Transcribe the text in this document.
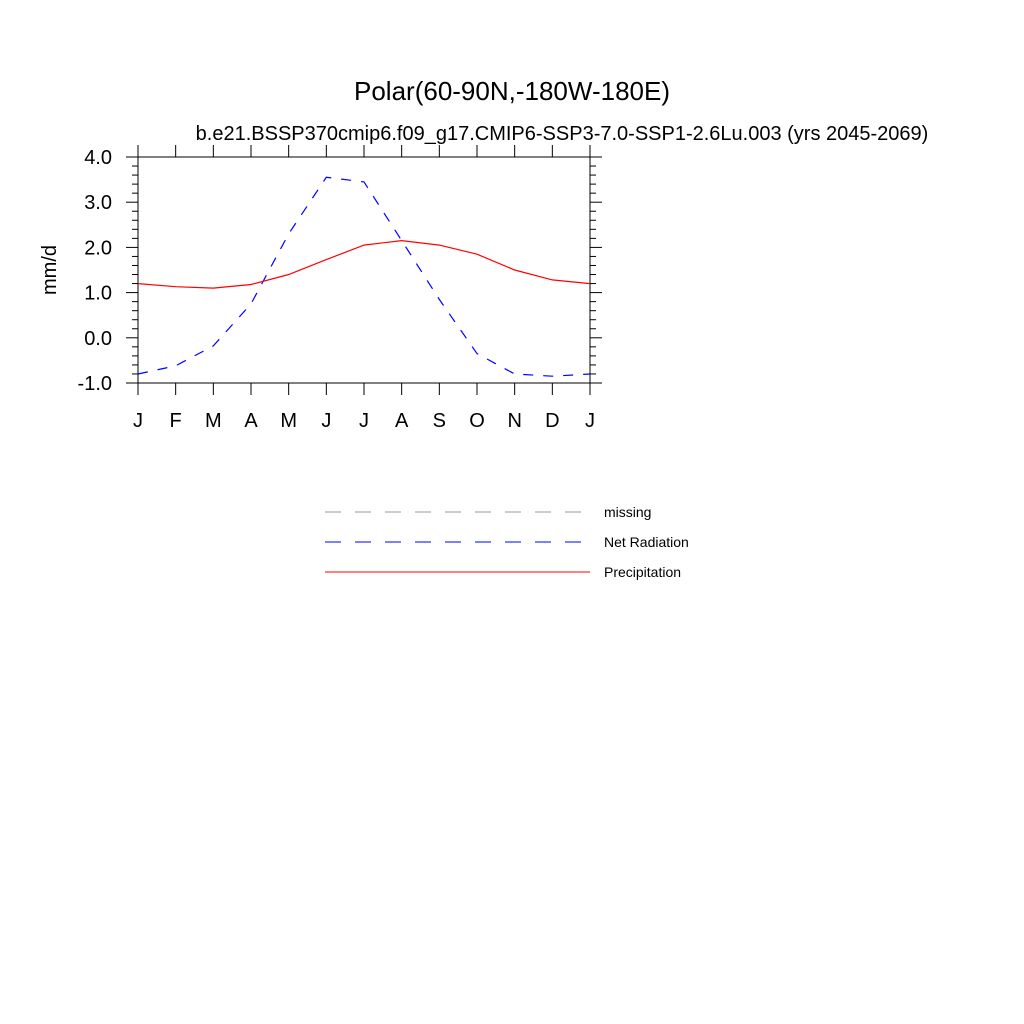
Polar(60-90N,-180W-180E)
b.e21.BSSP370cmip6.f09_g17.CMIP6-SSP3-7.0-SSP1-2.6Lu.003 (yrs 2045-2069)
mm/d
-1.0
0.0
1.0
2.0
3.0
4.0
J F M A M J J A S O N D J
missing
Net Radiation
Precipitation
